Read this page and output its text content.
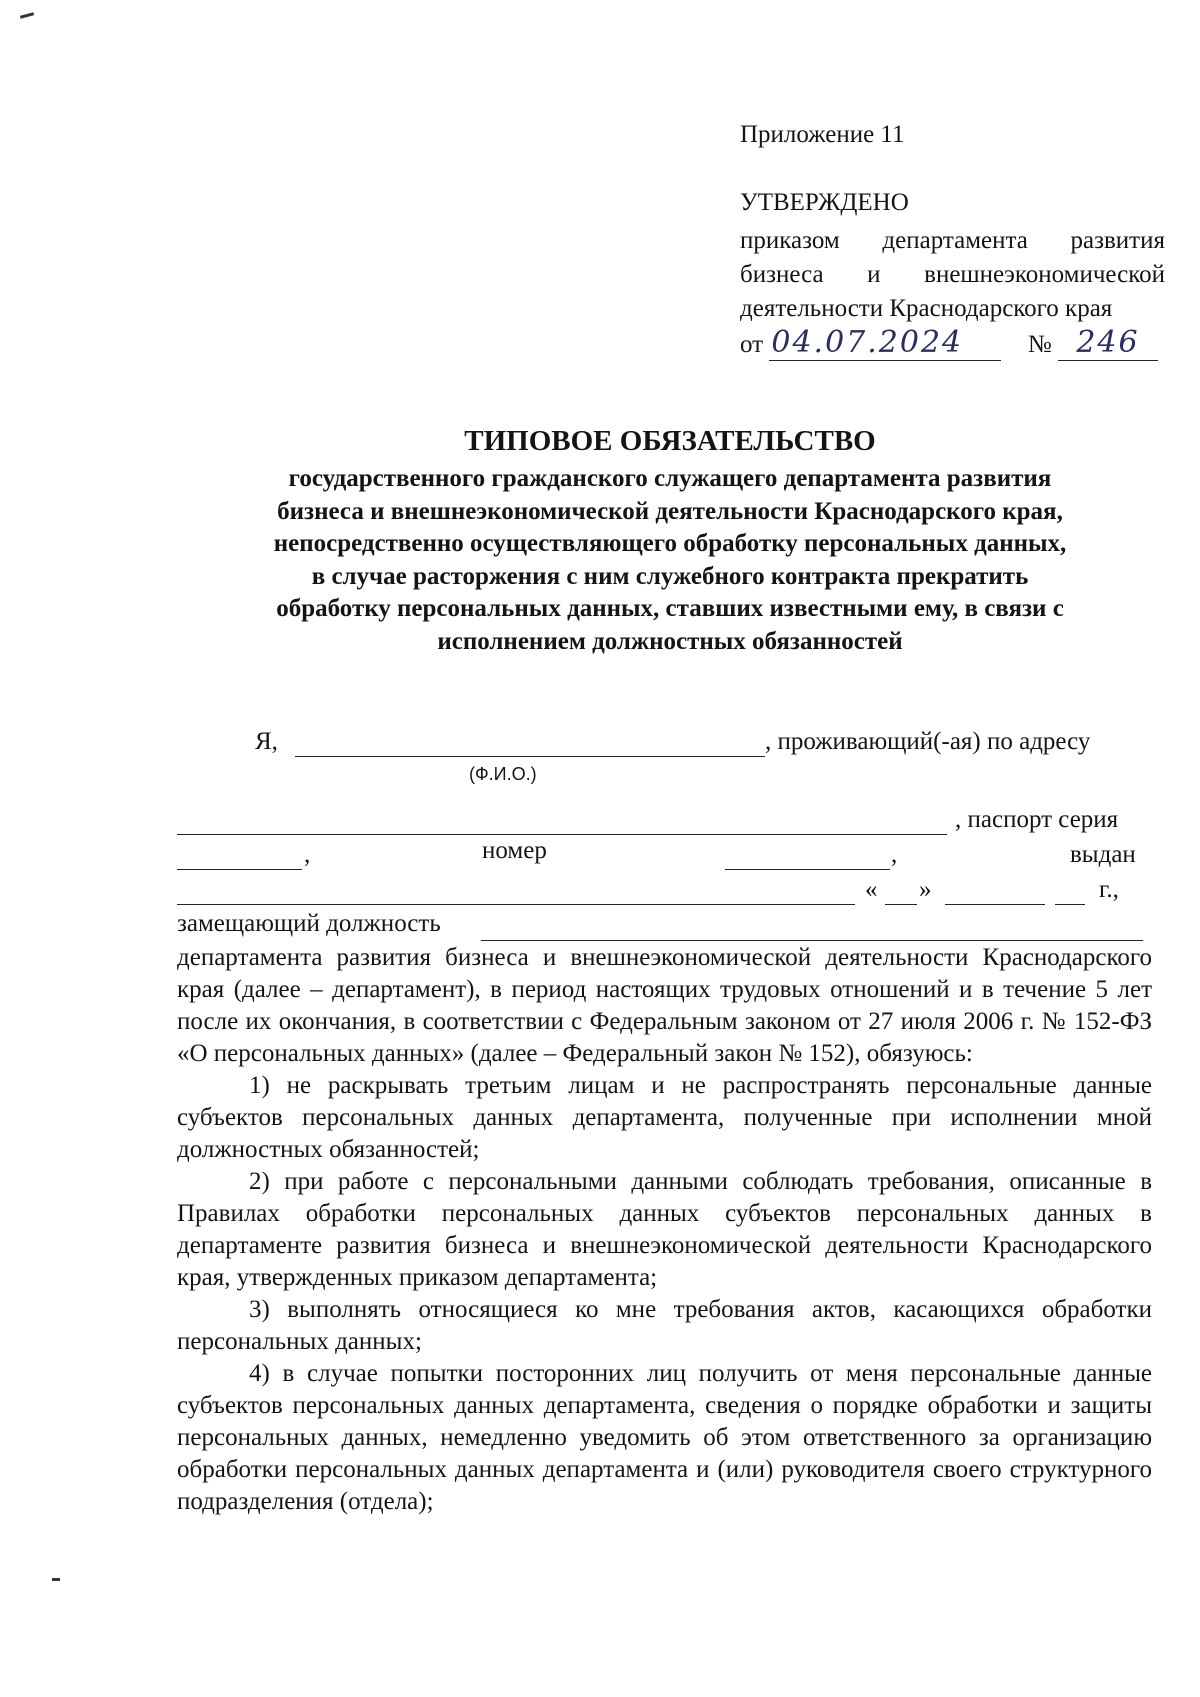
Приложение 11
УТВЕРЖДЕНО
приказом департамента развития
бизнеса и внешнеэкономической
деятельности Краснодарского края
от 04.07.2024	№ 246
ТИПОВОЕ ОБЯЗАТЕЛЬСТВО
государственного гражданского служащего департамента развития бизнеса и внешнеэкономической деятельности Краснодарского края, непосредственно осуществляющего обработку персональных данных, в случае расторжения с ним служебного контракта прекратить обработку персональных данных, ставших известными ему, в связи с исполнением должностных обязанностей
Я,	, проживающий(-ая) по адресу
(Ф.И.О.)
, паспорт серия
,	номер	,	выдан
« »	г.,
замещающий должность

департамента развития бизнеса и внешнеэкономической деятельности Краснодарского края (далее – департамент), в период настоящих трудовых отношений и в течение 5 лет после их окончания, в соответствии с Федеральным законом от 27 июля 2006 г. № 152-ФЗ «О персональных данных» (далее – Федеральный закон № 152), обязуюсь:

1) не раскрывать третьим лицам и не распространять персональные данные субъектов персональных данных департамента, полученные при исполнении мной должностных обязанностей;

2) при работе с персональными данными соблюдать требования, описанные в Правилах обработки персональных данных субъектов персональных данных в департаменте развития бизнеса и внешнеэкономической деятельности Краснодарского края, утвержденных приказом департамента;

3) выполнять относящиеся ко мне требования актов, касающихся обработки персональных данных;

4) в случае попытки посторонних лиц получить от меня персональные данные субъектов персональных данных департамента, сведения о порядке обработки и защиты персональных данных, немедленно уведомить об этом ответственного за организацию обработки персональных данных департамента и (или) руководителя своего структурного подразделения (отдела);
